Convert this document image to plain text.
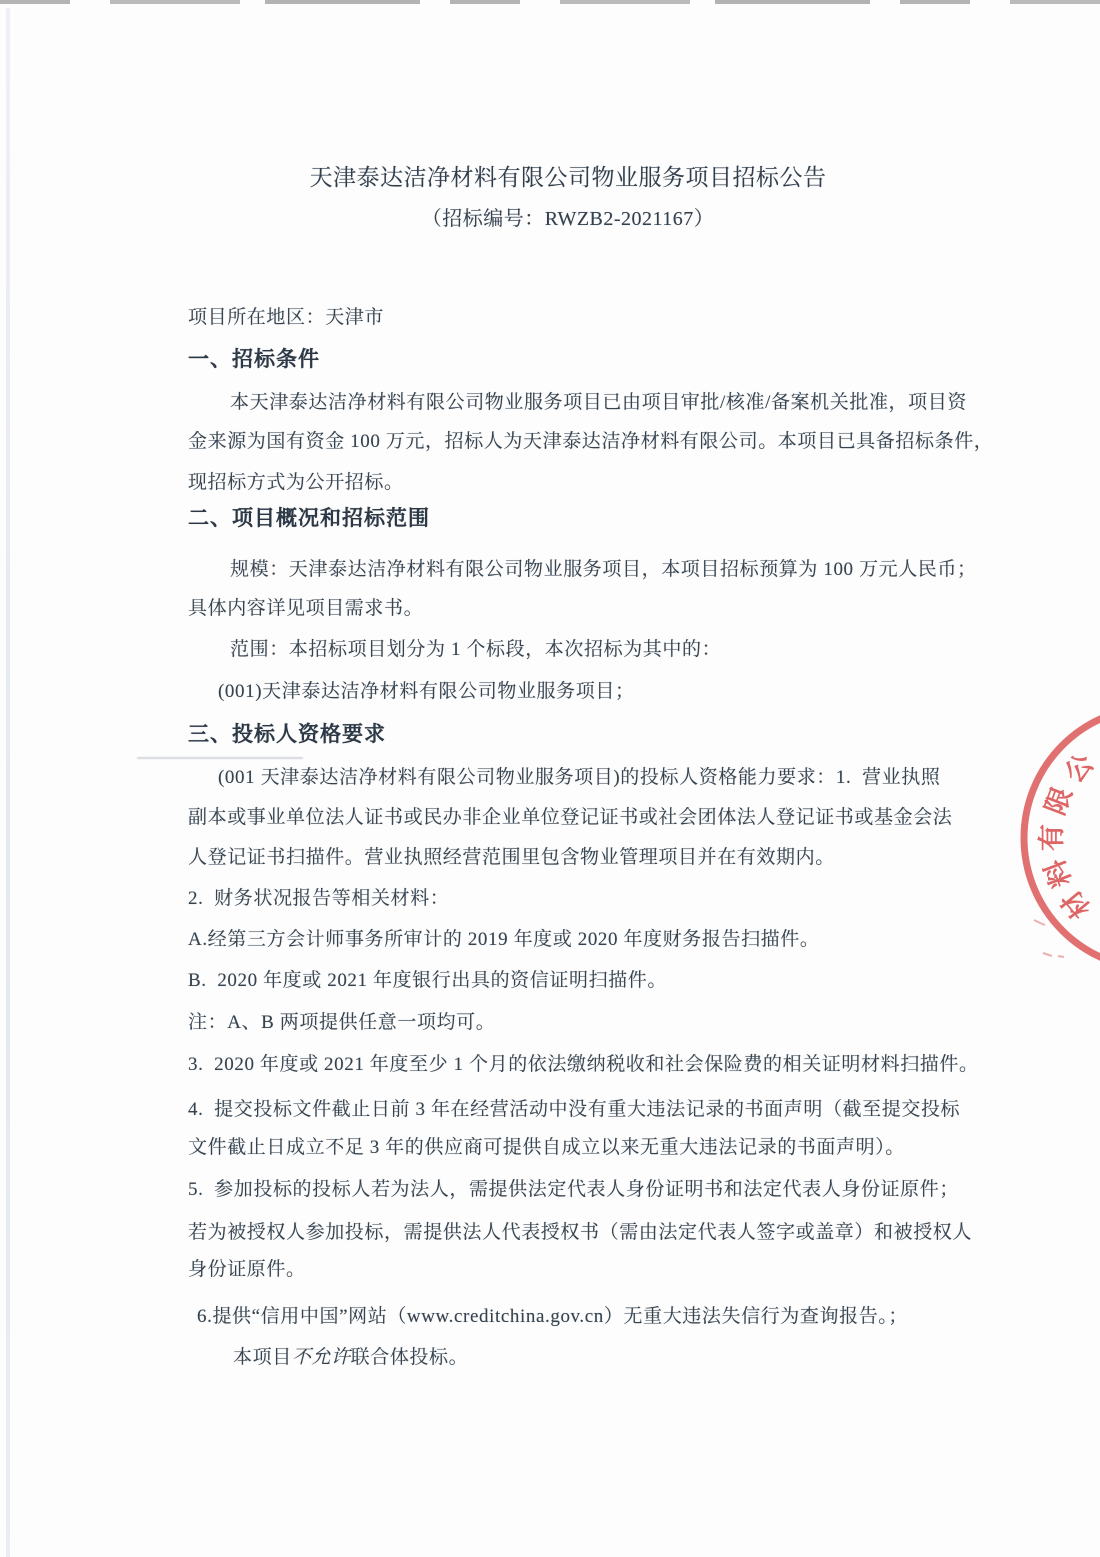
天津泰达洁净材料有限公司物业服务项目招标公告
（招标编号：RWZB2-2021167）
项目所在地区：天津市
一、招标条件
本天津泰达洁净材料有限公司物业服务项目已由项目审批/核准/备案机关批准，项目资
金来源为国有资金 100 万元，招标人为天津泰达洁净材料有限公司。本项目已具备招标条件，
现招标方式为公开招标。
二、项目概况和招标范围
规模：天津泰达洁净材料有限公司物业服务项目，本项目招标预算为 100 万元人民币；
具体内容详见项目需求书。
范围：本招标项目划分为 1 个标段，本次招标为其中的：
(001)天津泰达洁净材料有限公司物业服务项目；
三、投标人资格要求
(001 天津泰达洁净材料有限公司物业服务项目)的投标人资格能力要求：1.  营业执照
副本或事业单位法人证书或民办非企业单位登记证书或社会团体法人登记证书或基金会法
人登记证书扫描件。营业执照经营范围里包含物业管理项目并在有效期内。
2.  财务状况报告等相关材料：
A.经第三方会计师事务所审计的 2019 年度或 2020 年度财务报告扫描件。
B.  2020 年度或 2021 年度银行出具的资信证明扫描件。
注：A、B 两项提供任意一项均可。
3.  2020 年度或 2021 年度至少 1 个月的依法缴纳税收和社会保险费的相关证明材料扫描件。
4.  提交投标文件截止日前 3 年在经营活动中没有重大违法记录的书面声明（截至提交投标
文件截止日成立不足 3 年的供应商可提供自成立以来无重大违法记录的书面声明）。
5.  参加投标的投标人若为法人，需提供法定代表人身份证明书和法定代表人身份证原件；
若为被授权人参加投标，需提供法人代表授权书（需由法定代表人签字或盖章）和被授权人
身份证原件。
6.提供“信用中国”网站（www.creditchina.gov.cn）无重大违法失信行为查询报告。；
本项目不允许联合体投标。
公
限
有
料
材
